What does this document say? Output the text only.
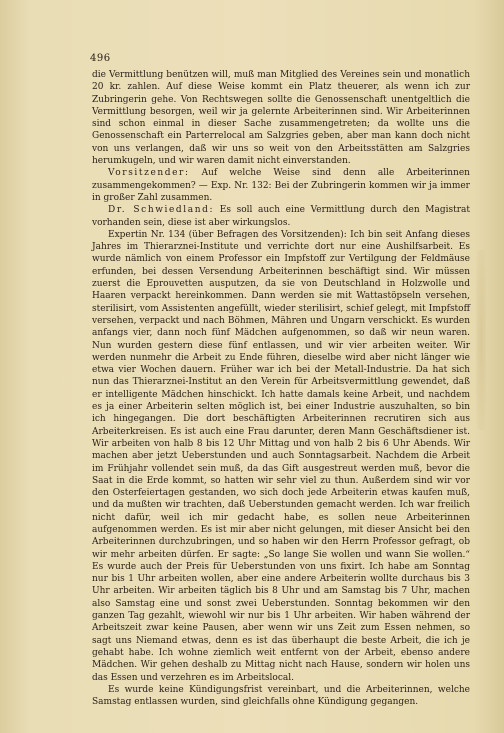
496

die Vermittlung benützen will, muß man Mitglied des Vereines sein und monatlich 20 kr. zahlen. Auf diese Weise kommt ein Platz theuerer, als wenn ich zur Zubringerin gehe. Von Rechtswegen sollte die Genossenschaft unentgeltlich die Vermittlung besorgen, weil wir ja gelernte Arbeiterinnen sind. Wir Arbeiterinnen sind schon einmal in dieser Sache zusammengetreten; da wollte uns die Genossenschaft ein Parterrelocal am Salzgries geben, aber man kann doch nicht von uns verlangen, daß wir uns so weit von den Arbeitsstätten am Salzgries herumkugeln, und wir waren damit nicht einverstanden.

Vorsitzender: Auf welche Weise sind denn alle Arbeiterinnen zusammengekommen? — Exp. Nr. 132: Bei der Zubringerin kommen wir ja immer in großer Zahl zusammen.

Dr. Schwiedland: Es soll auch eine Vermittlung durch den Magistrat vorhanden sein, diese ist aber wirkungslos.

Expertin Nr. 134 (über Befragen des Vorsitzenden): Ich bin seit Anfang dieses Jahres im Thierarznei-Institute und verrichte dort nur eine Aushilfsarbeit. Es wurde nämlich von einem Professor ein Impfstoff zur Vertilgung der Feldmäuse erfunden, bei dessen Versendung Arbeiterinnen beschäftigt sind. Wir müssen zuerst die Eprouvetten ausputzen, da sie von Deutschland in Holzwolle und Haaren verpackt hereinkommen. Dann werden sie mit Wattastöpseln versehen, sterilisirt, vom Assistenten angefüllt, wieder sterilisirt, schief gelegt, mit Impfstoff versehen, verpackt und nach Böhmen, Mähren und Ungarn verschickt. Es wurden anfangs vier, dann noch fünf Mädchen aufgenommen, so daß wir neun waren. Nun wurden gestern diese fünf entlassen, und wir vier arbeiten weiter. Wir werden nunmehr die Arbeit zu Ende führen, dieselbe wird aber nicht länger wie etwa vier Wochen dauern. Früher war ich bei der Metall-Industrie. Da hat sich nun das Thierarznei-Institut an den Verein für Arbeitsvermittlung gewendet, daß er intelligente Mädchen hinschickt. Ich hatte damals keine Arbeit, und nachdem es ja einer Arbeiterin selten möglich ist, bei einer Industrie auszuhalten, so bin ich hingegangen. Die dort beschäftigten Arbeiterinnen recrutiren sich aus Arbeiterkreisen. Es ist auch eine Frau darunter, deren Mann Geschäftsdiener ist. Wir arbeiten von halb 8 bis 12 Uhr Mittag und von halb 2 bis 6 Uhr Abends. Wir machen aber jetzt Ueberstunden und auch Sonntagsarbeit. Nachdem die Arbeit im Frühjahr vollendet sein muß, da das Gift ausgestreut werden muß, bevor die Saat in die Erde kommt, so hatten wir sehr viel zu thun. Außerdem sind wir vor den Osterfeiertagen gestanden, wo sich doch jede Arbeiterin etwas kaufen muß, und da mußten wir trachten, daß Ueberstunden gemacht werden. Ich war freilich nicht dafür, weil ich mir gedacht habe, es sollen neue Arbeiterinnen aufgenommen werden. Es ist mir aber nicht gelungen, mit dieser Ansicht bei den Arbeiterinnen durchzubringen, und so haben wir den Herrn Professor gefragt, ob wir mehr arbeiten dürfen. Er sagte: „So lange Sie wollen und wann Sie wollen.“ Es wurde auch der Preis für Ueberstunden von uns fixirt. Ich habe am Sonntag nur bis 1 Uhr arbeiten wollen, aber eine andere Arbeiterin wollte durchaus bis 3 Uhr arbeiten. Wir arbeiten täglich bis 8 Uhr und am Samstag bis 7 Uhr, machen also Samstag eine und sonst zwei Ueberstunden. Sonntag bekommen wir den ganzen Tag gezahlt, wiewohl wir nur bis 1 Uhr arbeiten. Wir haben während der Arbeitszeit zwar keine Pausen, aber wenn wir uns Zeit zum Essen nehmen, so sagt uns Niemand etwas, denn es ist das überhaupt die beste Arbeit, die ich je gehabt habe. Ich wohne ziemlich weit entfernt von der Arbeit, ebenso andere Mädchen. Wir gehen deshalb zu Mittag nicht nach Hause, sondern wir holen uns das Essen und verzehren es im Arbeitslocal.

Es wurde keine Kündigungsfrist vereinbart, und die Arbeiterinnen, welche Samstag entlassen wurden, sind gleichfalls ohne Kündigung gegangen.
